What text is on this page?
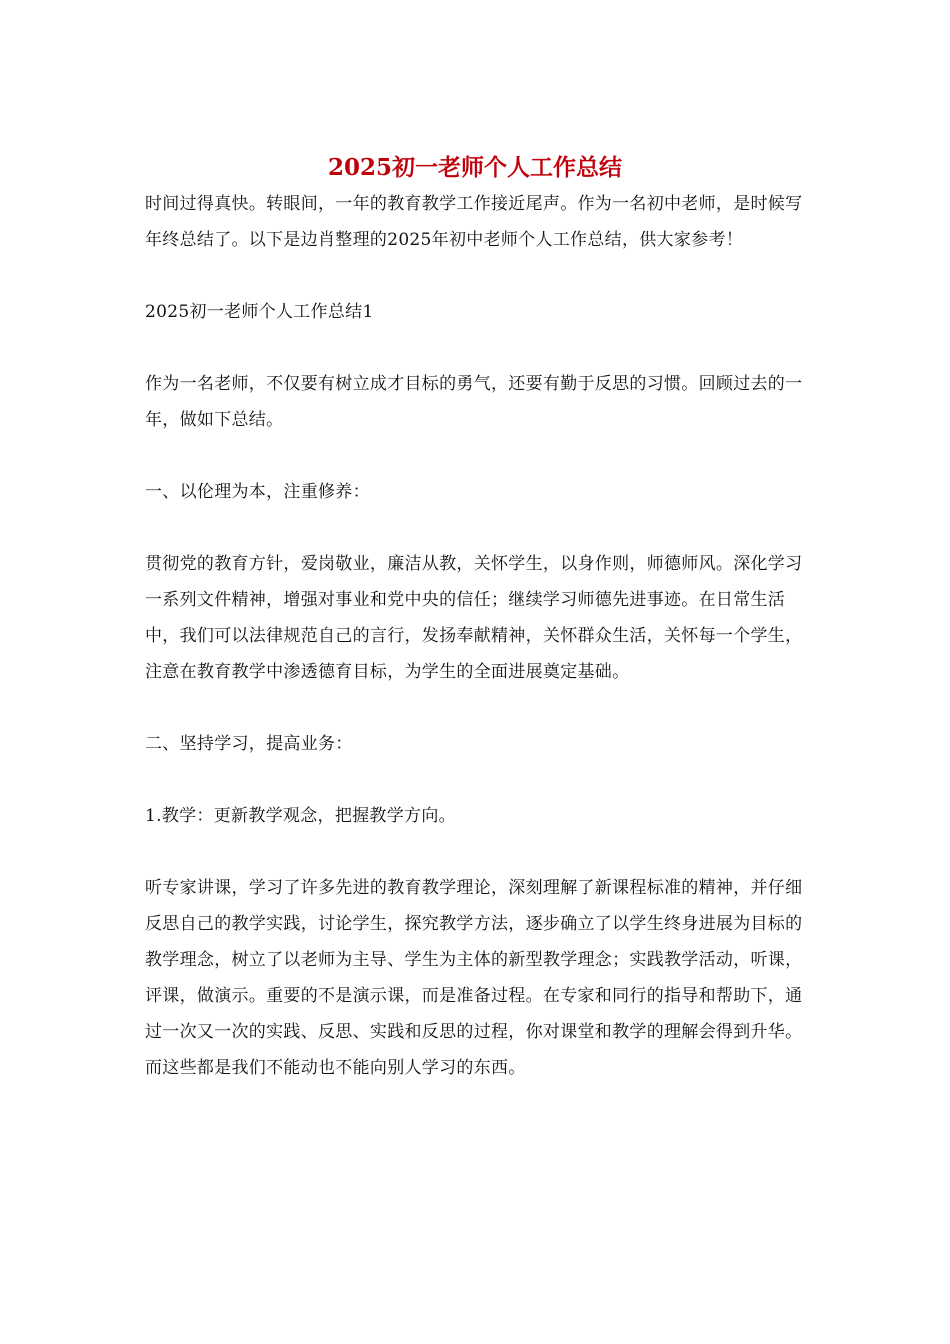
2025初一老师个人工作总结

时间过得真快。转眼间，一年的教育教学工作接近尾声。作为一名初中老师，是时候写年终总结了。以下是边肖整理的2025年初中老师个人工作总结，供大家参考！

2025初一老师个人工作总结1

作为一名老师，不仅要有树立成才目标的勇气，还要有勤于反思的习惯。回顾过去的一年，做如下总结。

一、以伦理为本，注重修养：

贯彻党的教育方针，爱岗敬业，廉洁从教，关怀学生，以身作则，师德师风。深化学习一系列文件精神，增强对事业和党中央的信任；继续学习师德先进事迹。在日常生活中，我们可以法律规范自己的言行，发扬奉献精神，关怀群众生活，关怀每一个学生，注意在教育教学中渗透德育目标，为学生的全面进展奠定基础。

二、坚持学习，提高业务：

1.教学：更新教学观念，把握教学方向。

听专家讲课，学习了许多先进的教育教学理论，深刻理解了新课程标准的精神，并仔细反思自己的教学实践，讨论学生，探究教学方法，逐步确立了以学生终身进展为目标的教学理念，树立了以老师为主导、学生为主体的新型教学理念；实践教学活动，听课，评课，做演示。重要的不是演示课，而是准备过程。在专家和同行的指导和帮助下，通过一次又一次的实践、反思、实践和反思的过程，你对课堂和教学的理解会得到升华。而这些都是我们不能动也不能向别人学习的东西。
